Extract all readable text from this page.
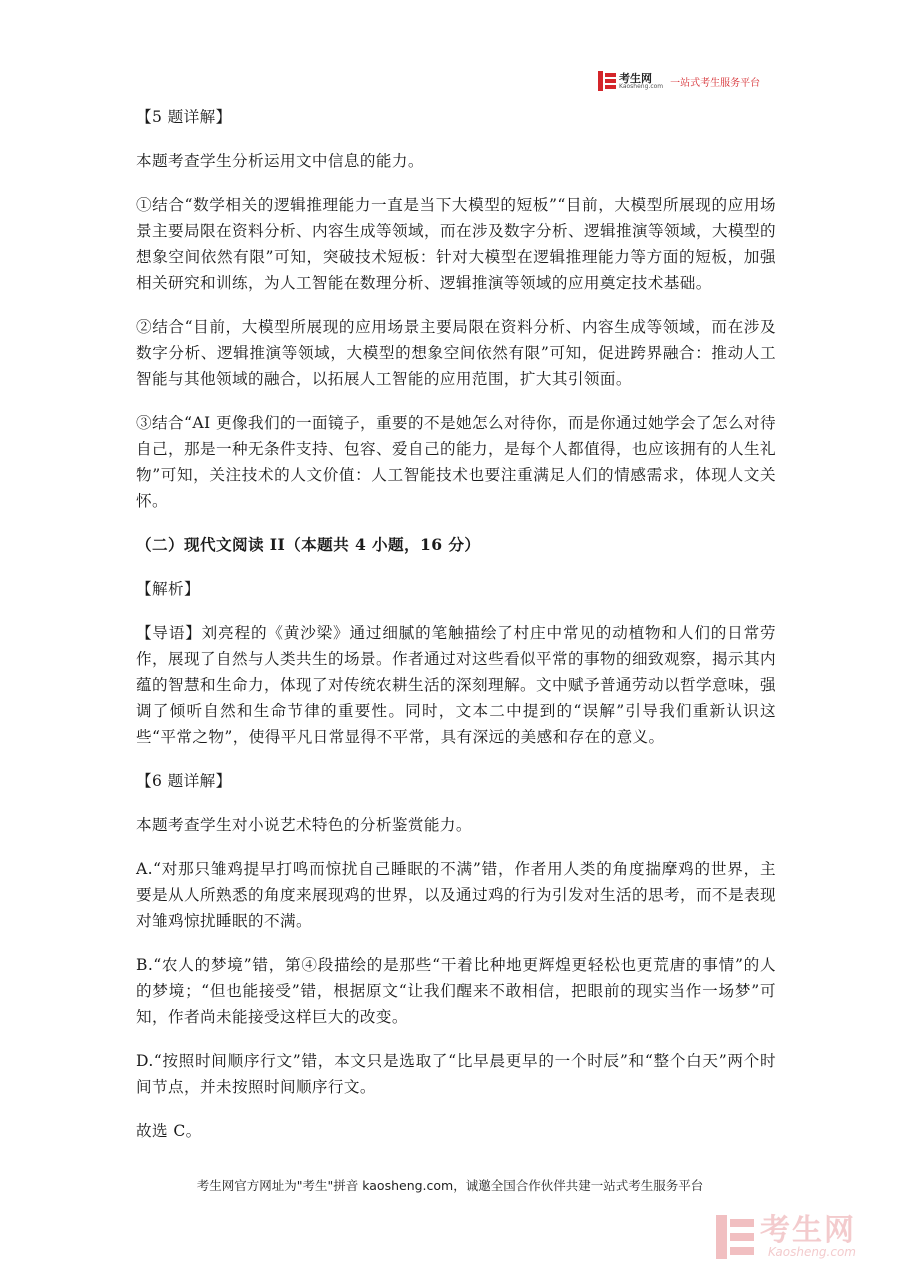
考生网
Kaosheng.com 一站式考生服务平台

【5 题详解】

本题考查学生分析运用文中信息的能力。

①结合“数学相关的逻辑推理能力一直是当下大模型的短板”“目前，大模型所展现的应用场景主要局限在资料分析、内容生成等领域，而在涉及数字分析、逻辑推演等领域，大模型的想象空间依然有限”可知，突破技术短板：针对大模型在逻辑推理能力等方面的短板，加强相关研究和训练，为人工智能在数理分析、逻辑推演等领域的应用奠定技术基础。

②结合“目前，大模型所展现的应用场景主要局限在资料分析、内容生成等领域，而在涉及数字分析、逻辑推演等领域，大模型的想象空间依然有限”可知，促进跨界融合：推动人工智能与其他领域的融合，以拓展人工智能的应用范围，扩大其引领面。

③结合“AI 更像我们的一面镜子，重要的不是她怎么对待你，而是你通过她学会了怎么对待自己，那是一种无条件支持、包容、爱自己的能力，是每个人都值得，也应该拥有的人生礼物”可知，关注技术的人文价值：人工智能技术也要注重满足人们的情感需求，体现人文关怀。

（二）现代文阅读 II（本题共 4 小题，16 分）

【解析】

【导语】刘亮程的《黄沙梁》通过细腻的笔触描绘了村庄中常见的动植物和人们的日常劳作，展现了自然与人类共生的场景。作者通过对这些看似平常的事物的细致观察，揭示其内蕴的智慧和生命力，体现了对传统农耕生活的深刻理解。文中赋予普通劳动以哲学意味，强调了倾听自然和生命节律的重要性。同时，文本二中提到的“误解”引导我们重新认识这些“平常之物”，使得平凡日常显得不平常，具有深远的美感和存在的意义。

【6 题详解】

本题考查学生对小说艺术特色的分析鉴赏能力。

A.“对那只雏鸡提早打鸣而惊扰自己睡眠的不满”错，作者用人类的角度揣摩鸡的世界，主要是从人所熟悉的角度来展现鸡的世界，以及通过鸡的行为引发对生活的思考，而不是表现对雏鸡惊扰睡眠的不满。

B.“农人的梦境”错，第④段描绘的是那些“干着比种地更辉煌更轻松也更荒唐的事情”的人的梦境；“但也能接受”错，根据原文“让我们醒来不敢相信，把眼前的现实当作一场梦”可知，作者尚未能接受这样巨大的改变。

D.“按照时间顺序行文”错，本文只是选取了“比早晨更早的一个时辰”和“整个白天”两个时间节点，并未按照时间顺序行文。

故选 C。

考生网官方网址为"考生"拼音 kaosheng.com，诚邀全国合作伙伴共建一站式考生服务平台
考生网
Kaosheng.com
